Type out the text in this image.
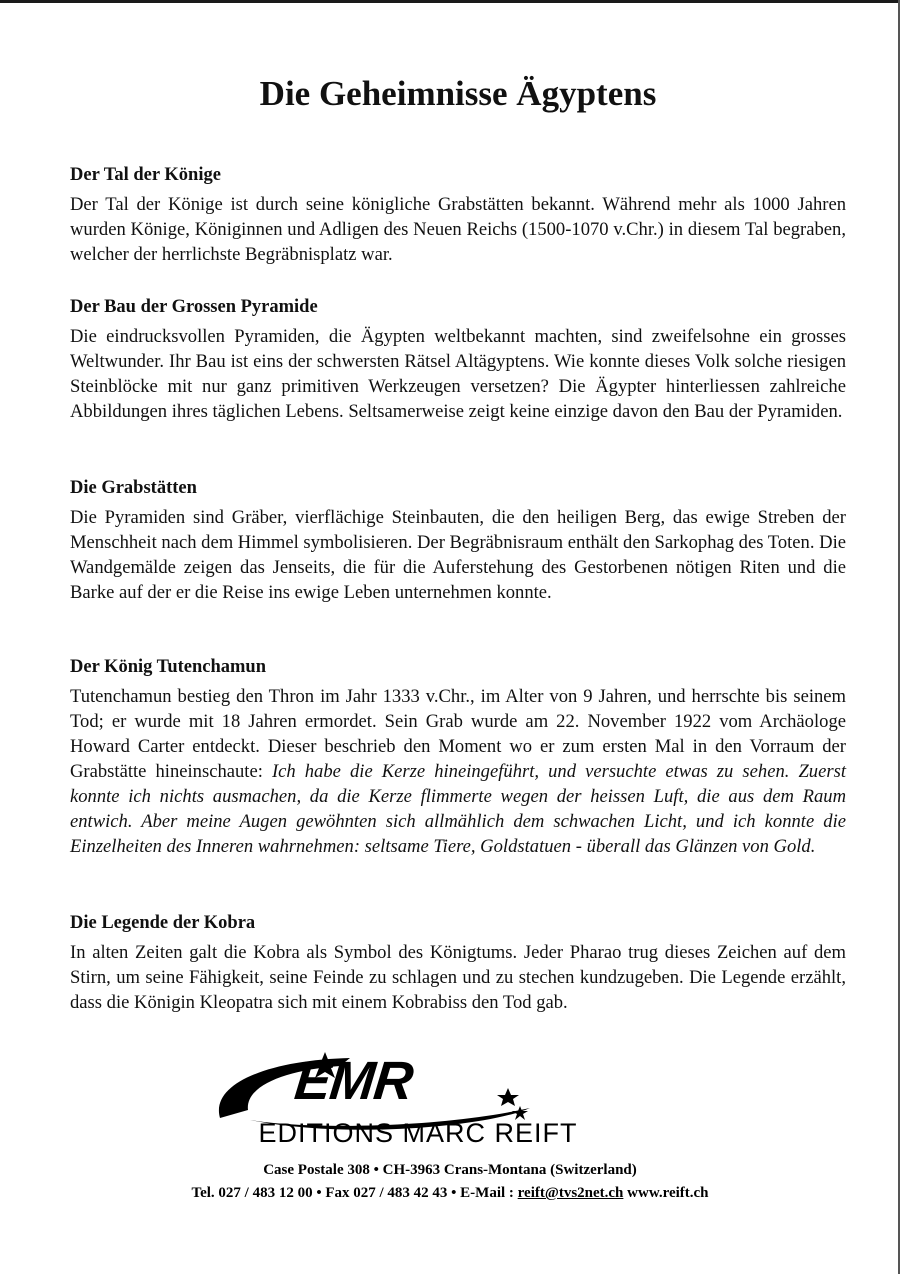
Die Geheimnisse Ägyptens
Der Tal der Könige

Der Tal der Könige ist durch seine königliche Grabstätten bekannt. Während mehr als 1000 Jahren wurden Könige, Königinnen und Adligen des Neuen Reichs (1500-1070 v.Chr.) in diesem Tal begraben, welcher der herrlichste Begräbnisplatz war.

Der Bau der Grossen Pyramide

Die eindrucksvollen Pyramiden, die Ägypten weltbekannt machten, sind zweifelsohne ein grosses Weltwunder. Ihr Bau ist eins der schwersten Rätsel Altägyptens. Wie konnte dieses Volk solche riesigen Steinblöcke mit nur ganz primitiven Werkzeugen versetzen? Die Ägypter hinterliessen zahlreiche Abbildungen ihres täglichen Lebens. Seltsamerweise zeigt keine einzige davon den Bau der Pyramiden.

Die Grabstätten

Die Pyramiden sind Gräber, vierflächige Steinbauten, die den heiligen Berg, das ewige Streben der Menschheit nach dem Himmel symbolisieren. Der Begräbnisraum enthält den Sarkophag des Toten. Die Wandgemälde zeigen das Jenseits, die für die Auferstehung des Gestorbenen nötigen Riten und die Barke auf der er die Reise ins ewige Leben unternehmen konnte.

Der König Tutenchamun

Tutenchamun bestieg den Thron im Jahr 1333 v.Chr., im Alter von 9 Jahren, und herrschte bis seinem Tod; er wurde mit 18 Jahren ermordet. Sein Grab wurde am 22. November 1922 vom Archäologe Howard Carter entdeckt. Dieser beschrieb den Moment wo er zum ersten Mal in den Vorraum der Grabstätte hineinschaute: Ich habe die Kerze hineingeführt, und versuchte etwas zu sehen. Zuerst konnte ich nichts ausmachen, da die Kerze flimmerte wegen der heissen Luft, die aus dem Raum entwich. Aber meine Augen gewöhnten sich allmählich dem schwachen Licht, und ich konnte die Einzelheiten des Inneren wahrnehmen: seltsame Tiere, Goldstatuen - überall das Glänzen von Gold.

Die Legende der Kobra

In alten Zeiten galt die Kobra als Symbol des Königtums. Jeder Pharao trug dieses Zeichen auf dem Stirn, um seine Fähigkeit, seine Feinde zu schlagen und zu stechen kundzugeben. Die Legende erzählt, dass die Königin Kleopatra sich mit einem Kobrabiss den Tod gab.

EMR
EDITIONS MARC REIFT
Case Postale 308 • CH-3963 Crans-Montana (Switzerland)
Tel. 027 / 483 12 00 • Fax 027 / 483 42 43 • E-Mail : reift@tvs2net.ch www.reift.ch
